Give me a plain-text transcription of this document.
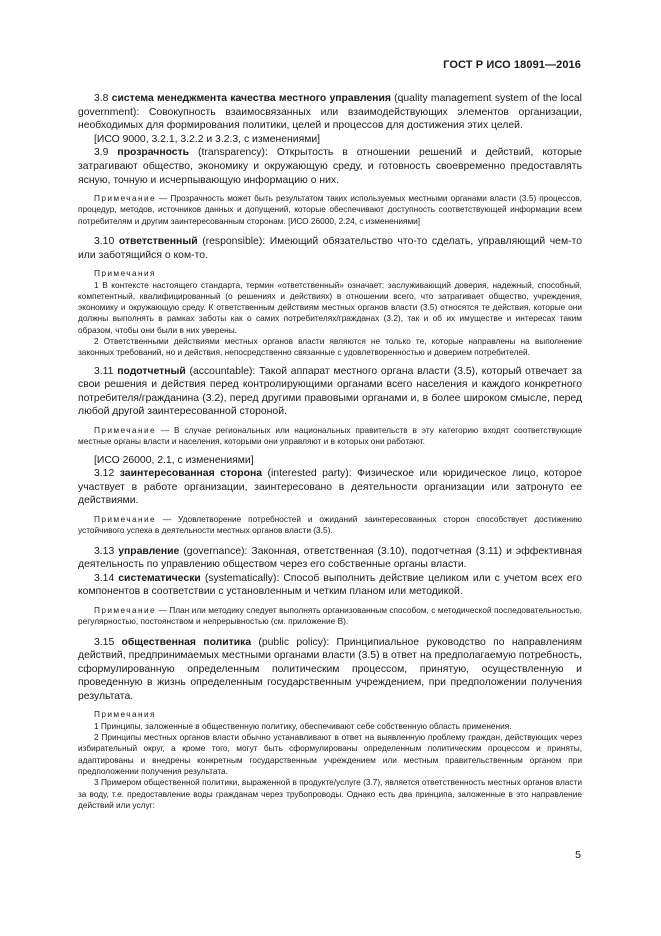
ГОСТ Р ИСО 18091—2016

3.8 система менеджмента качества местного управления (quality management system of the local government): Совокупность взаимосвязанных или взаимодействующих элементов организации, необходимых для формирования политики, целей и процессов для достижения этих целей.

[ИСО 9000, 3.2.1, 3.2.2 и 3.2.3, с изменениями]

3.9 прозрачность (transparency): Открытость в отношении решений и действий, которые затрагивают общество, экономику и окружающую среду, и готовность своевременно предоставлять ясную, точную и исчерпывающую информацию о них.

Примечание — Прозрачность может быть результатом таких используемых местными органами власти (3.5) процессов, процедур, методов, источников данных и допущений, которые обеспечивают доступность соответствующей информации всем потребителям и другим заинтересованным сторонам. [ИСО 26000, 2.24, с изменениями]

3.10 ответственный (responsible): Имеющий обязательство что-то сделать, управляющий чем-то или заботящийся о ком-то.

Примечания

1 В контексте настоящего стандарта, термин «ответственный» означает: заслуживающий доверия, надежный, способный, компетентный, квалифицированный (о решениях и действиях) в отношении всего, что затрагивает общество, учреждения, экономику и окружающую среду. К ответственным действиям местных органов власти (3.5) относятся те действия, которые они должны выполнять в рамках заботы как о самих потребителях/гражданах (3.2), так и об их имуществе и интересах таким образом, чтобы они были в них уверены.

2 Ответственными действиями местных органов власти являются не только те, которые направлены на выполнение законных требований, но и действия, непосредственно связанные с удовлетворенностью и доверием потребителей.

3.11 подотчетный (accountable): Такой аппарат местного органа власти (3.5), который отвечает за свои решения и действия перед контролирующими органами всего населения и каждого конкретного потребителя/гражданина (3.2), перед другими правовыми органами и, в более широком смысле, перед любой другой заинтересованной стороной.

Примечание — В случае региональных или национальных правительств в эту категорию входят соответствующие местные органы власти и населения, которыми они управляют и в которых они работают.

[ИСО 26000, 2.1, с изменениями]

3.12 заинтересованная сторона (interested party): Физическое или юридическое лицо, которое участвует в работе организации, заинтересовано в деятельности организации или затронуто ее действиями.

Примечание — Удовлетворение потребностей и ожиданий заинтересованных сторон способствует достижению устойчивого успеха в деятельности местных органов власти (3.5).

3.13 управление (governance): Законная, ответственная (3.10), подотчетная (3.11) и эффективная деятельность по управлению обществом через его собственные органы власти.

3.14 систематически (systematically): Способ выполнить действие целиком или с учетом всех его компонентов в соответствии с установленным и четким планом или методикой.

Примечание — План или методику следует выполнять организованным способом, с методической последовательностью, регулярностью, постоянством и непрерывностью (см. приложение B).

3.15 общественная политика (public policy): Принципиальное руководство по направлениям действий, предпринимаемых местными органами власти (3.5) в ответ на предполагаемую потребность, сформулированную определенным политическим процессом, принятую, осуществленную и проведенную в жизнь определенным государственным учреждением, при предположении получения результата.

Примечания

1 Принципы, заложенные в общественную политику, обеспечивают себе собственную область применения.

2 Принципы местных органов власти обычно устанавливают в ответ на выявленную проблему граждан, действующих через избирательный округ, а кроме того, могут быть сформулированы определенным политическим процессом и приняты, адаптированы и внедрены конкретным государственным учреждением или местным правительственным органом при предположении получения результата.

3 Примером общественной политики, выраженной в продукте/услуге (3.7), является ответственность местных органов власти за воду, т.е. предоставление воды гражданам через трубопроводы. Однако есть два принципа, заложенные в это направление действий или услуг:

5
